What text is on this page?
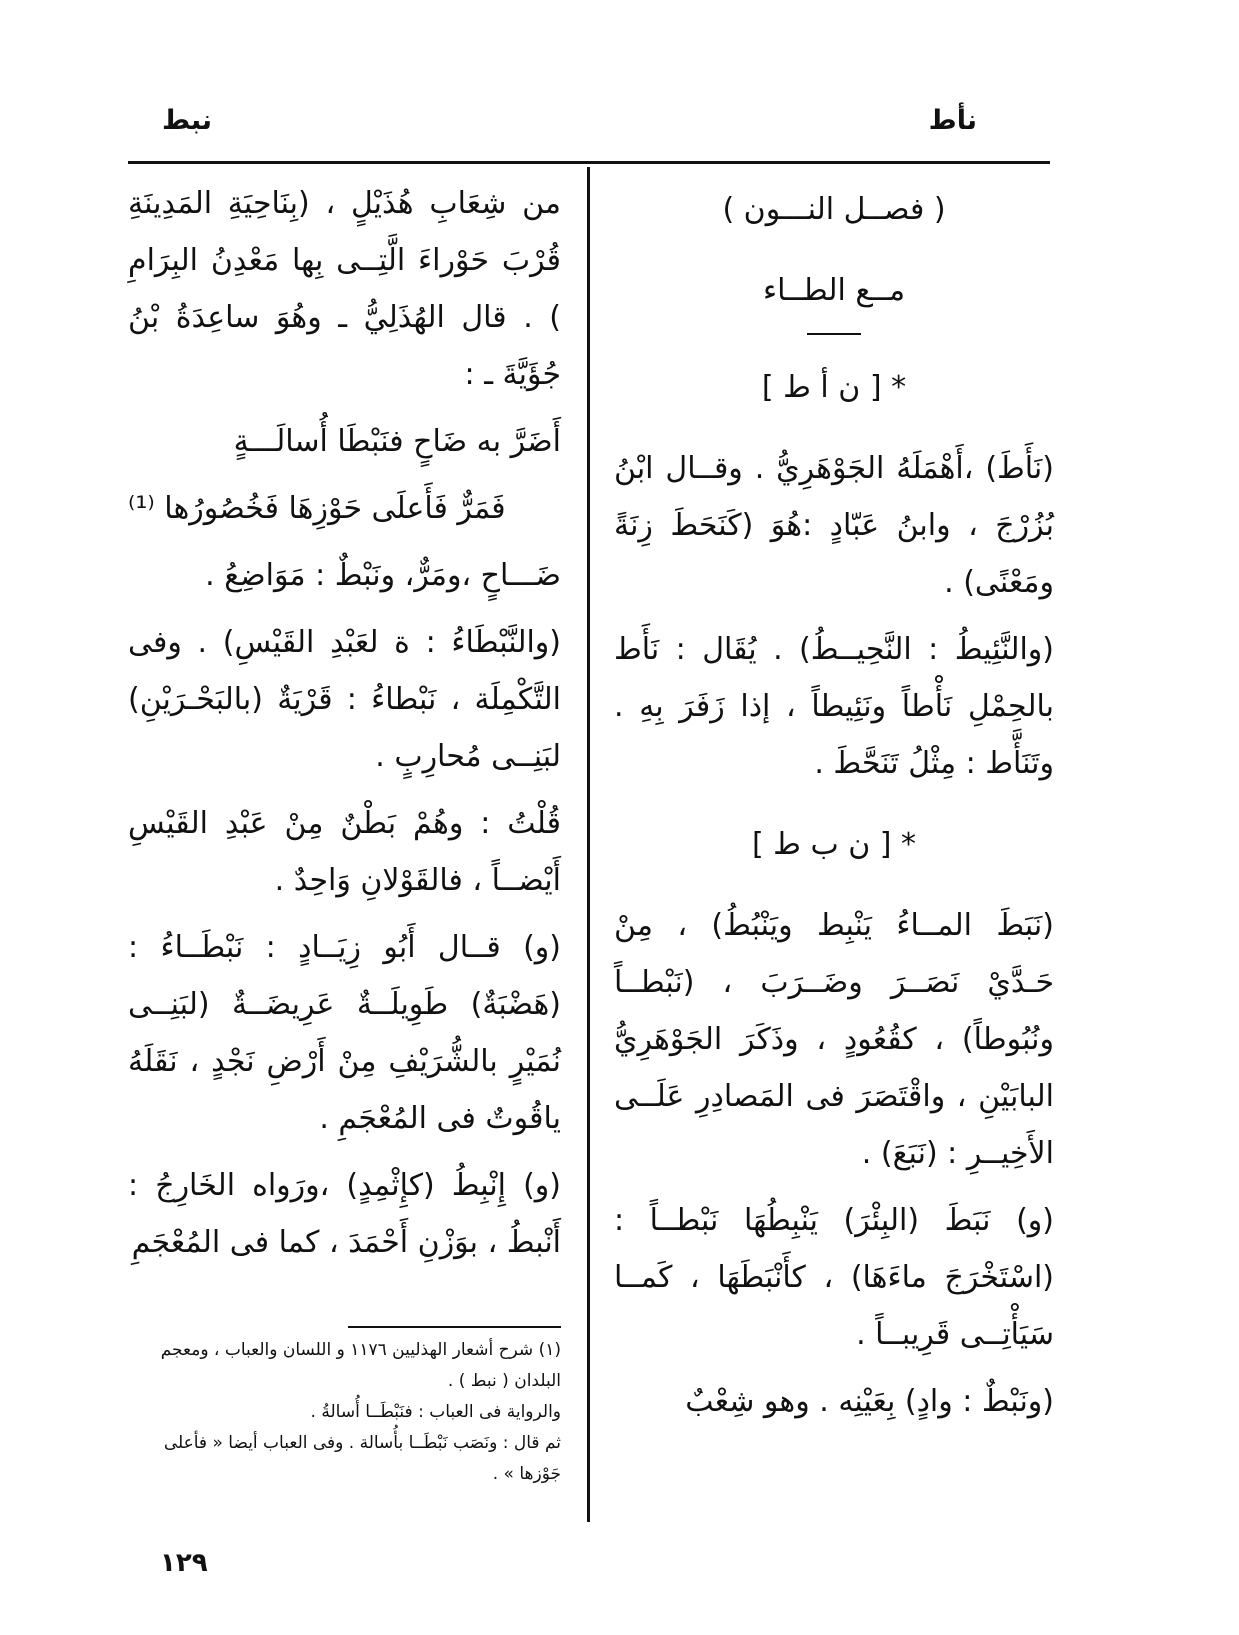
نأط
نبط

( فصــل النـــون )

مــع الطــاء

* [ ن أ ط ]

(نَأَطَ) ،أَهْمَلَهُ الجَوْهَرِيُّ . وقــال ابْنُ بُزُرْجَ ، وابنُ عَبّادٍ :هُوَ (كَنَحَطَ زِنَةً ومَعْنًى) .

(والنَّئِيطُ : النَّحِيــطُ) . يُقَال : نَأَط بالحِمْلِ نَأْطاً ونَئِيطاً ، إذا زَفَرَ بِهِ . وتَنَأَّط : مِثْلُ تَنَحَّطَ .

* [ ن ب ط ]

(نَبَطَ المــاءُ يَنْبِط ويَنْبُطُ) ، مِنْ حَـدَّيْ نَصَــرَ وضَــرَبَ ، (نَبْطــاً ونُبُوطاً) ، كقُعُودٍ ، وذَكَرَ الجَوْهَرِيُّ البابَيْنِ ، واقْتَصَرَ فى المَصادِرِ عَلَــى الأَخِيــرِ : (نَبَعَ) .

(و) نَبَطَ (البِئْرَ) يَنْبِطُهَا نَبْطــاً : (اسْتَخْرَجَ ماءَهَا) ، كأَنْبَطَهَا ، كَمــا سَيَأْتِــى قَرِيبــاً .

(ونَبْطٌ : وادٍ) بِعَيْنِه . وهو شِعْبٌ

من شِعَابِ هُذَيْلٍ ، (بِنَاحِيَةِ المَدِينَةِ قُرْبَ حَوْراءَ الَّتِــى بِها مَعْدِنُ البِرَامِ ) . قال الهُذَلِيُّ ـ وهُوَ ساعِدَةُ بْنُ جُؤَيَّةَ ـ :

أَضَرَّ به ضَاحٍ فنَبْطَا أُسالَـــةٍ

فَمَرٌّ فَأَعلَى حَوْزِهَا فَخُصُورُها ⁽¹⁾

ضَـــاحٍ ،ومَرٌّ، ونَبْطٌ : مَوَاضِعُ .

(والنَّبْطَاءُ : ة لعَبْدِ القَيْسِ) . وفى التَّكْمِلَة ، نَبْطاءُ : قَرْيَةٌ (بالبَحْـرَيْنِ) لبَنِــى مُحارِبٍ .

قُلْتُ : وهُمْ بَطْنٌ مِنْ عَبْدِ القَيْسِ أَيْضــاً ، فالقَوْلانِ وَاحِدٌ .

(و) قــال أَبُو زِيَــادٍ : نَبْطَــاءُ : (هَضْبَةٌ) طَوِيلَــةٌ عَرِيضَــةٌ (لبَنِــى نُمَيْرٍ بالشُّرَيْفِ مِنْ أَرْضِ نَجْدٍ ، نَقَلَهُ ياقُوتٌ فى المُعْجَمِ .

(و) إِنْبِطُ (كإِثْمِدٍ) ،ورَواه الخَارِجُ : أَنْبطُ ، بوَزْنِ أَحْمَدَ ، كما فى المُعْجَمِ

(١) شرح أشعار الهذليين ١١٧٦ و اللسان والعباب ، ومعجم البلدان ( نبط ) .

والرواية فى العباب : فنَبْطَــا أُسالةُ .

ثم قال : ونَصَب نَبْطَــا بأُسالة . وفى العباب أيضا « فأعلى جَوْزها » .

١٢٩
